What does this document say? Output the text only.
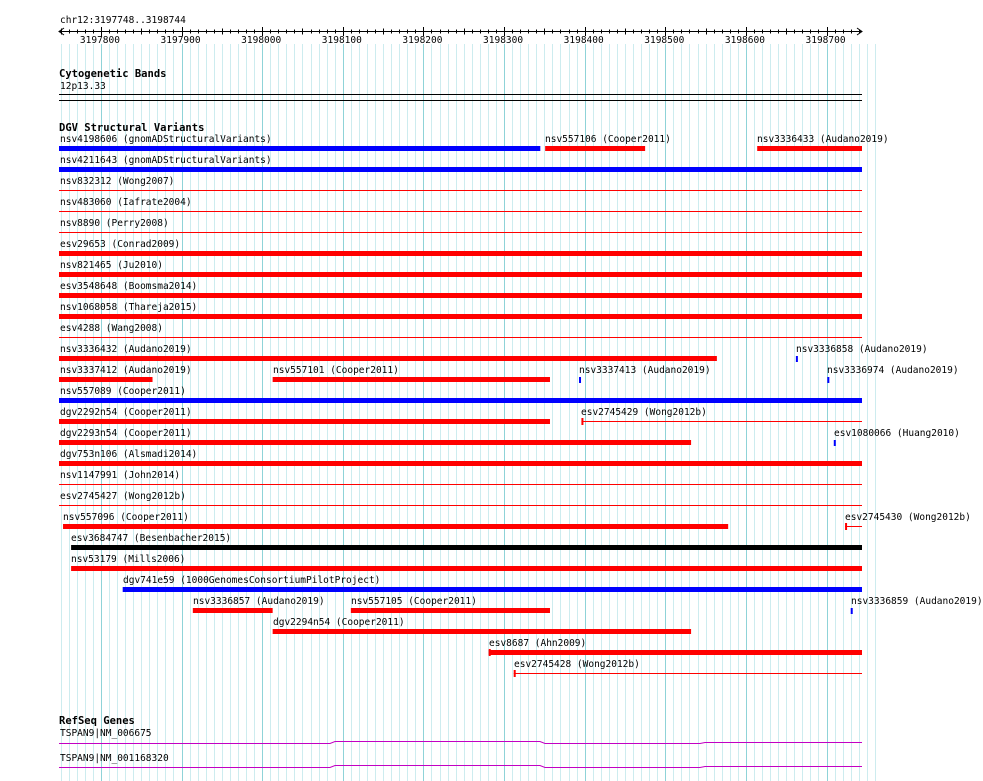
chr12:3197748..3198744
3197800	3197900	3198000	3198100	3198200	3198300	3198400	3198500	3198600	3198700
Cytogenetic Bands
12p13.33
DGV Structural Variants
nsv4198606 (gnomADStructuralVariants)	nsv557106 (Cooper2011)	nsv3336433 (Audano2019)
nsv4211643 (gnomADStructuralVariants)
nsv832312 (Wong2007)
nsv483060 (Iafrate2004)
nsv8890 (Perry2008)
esv29653 (Conrad2009)
nsv821465 (Ju2010)
esv3548648 (Boomsma2014)
nsv1068058 (Thareja2015)
esv4288 (Wang2008)
nsv3336432 (Audano2019)	nsv3336858 (Audano2019)
nsv3337412 (Audano2019)	nsv557101 (Cooper2011)	nsv3337413 (Audano2019)	nsv3336974 (Audano2019)
nsv557089 (Cooper2011)
dgv2292n54 (Cooper2011)	esv2745429 (Wong2012b)
dgv2293n54 (Cooper2011)	esv1080066 (Huang2010)
dgv753n106 (Alsmadi2014)
nsv1147991 (John2014)
esv2745427 (Wong2012b)
nsv557096 (Cooper2011)	esv2745430 (Wong2012b)
esv3684747 (Besenbacher2015)
nsv53179 (Mills2006)
dgv741e59 (1000GenomesConsortiumPilotProject)
nsv3336857 (Audano2019)	nsv557105 (Cooper2011)	nsv3336859 (Audano2019)
dgv2294n54 (Cooper2011)
esv8687 (Ahn2009)
esv2745428 (Wong2012b)
RefSeq Genes
TSPAN9|NM_006675
TSPAN9|NM_001168320
